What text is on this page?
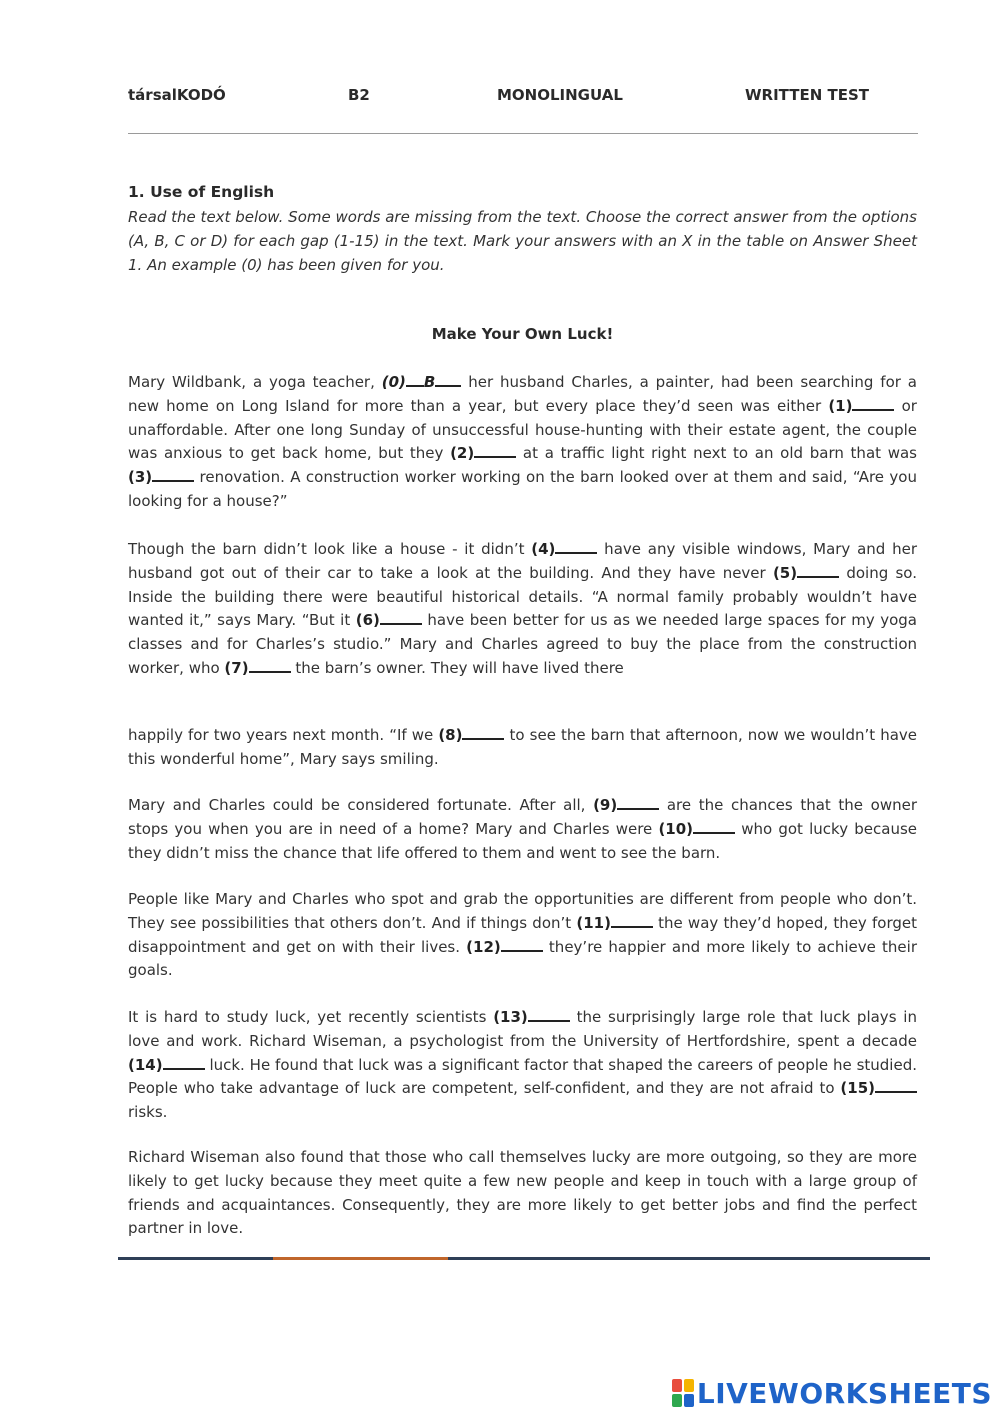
társalKODÓ	B2	MONOLINGUAL	WRITTEN TEST
1. Use of English
Read the text below. Some words are missing from the text. Choose the correct answer from the options (A, B, C or D) for each gap (1-15) in the text. Mark your answers with an X in the table on Answer Sheet 1. An example (0) has been given for you.
Make Your Own Luck!

Mary Wildbank, a yoga teacher, (0) B her husband Charles, a painter, had been searching for a new home on Long Island for more than a year, but every place they’d seen was either (1)	or unaffordable. After one long Sunday of unsuccessful house-hunting with their estate agent, the couple was anxious to get back home, but they (2)	at a traffic light right next to an old barn that was (3)	renovation. A construction worker working on the barn looked over at them and said, “Are you looking for a house?”

Though the barn didn’t look like a house - it didn’t (4)	have any visible windows, Mary and her husband got out of their car to take a look at the building. And they have never (5)	doing so. Inside the building there were beautiful historical details. “A normal family probably wouldn’t have wanted it,” says Mary. “But it (6)	have been better for us as we needed large spaces for my yoga classes and for Charles’s studio.” Mary and Charles agreed to buy the place from the construction worker, who (7)	the barn’s owner. They will have lived there

happily for two years next month. “If we (8)	to see the barn that afternoon, now we wouldn’t have this wonderful home”, Mary says smiling.

Mary and Charles could be considered fortunate. After all, (9)	are the chances that the owner stops you when you are in need of a home? Mary and Charles were (10)	who got lucky because they didn’t miss the chance that life offered to them and went to see the barn.

People like Mary and Charles who spot and grab the opportunities are different from people who don’t. They see possibilities that others don’t. And if things don’t (11)	the way they’d hoped, they forget disappointment and get on with their lives. (12)	they’re happier and more likely to achieve their goals.

It is hard to study luck, yet recently scientists (13)	the surprisingly large role that luck plays in love and work. Richard Wiseman, a psychologist from the University of Hertfordshire, spent a decade (14)	luck. He found that luck was a significant factor that shaped the careers of people he studied. People who take advantage of luck are competent, self-confident, and they are not afraid to (15) risks.

Richard Wiseman also found that those who call themselves lucky are more outgoing, so they are more likely to get lucky because they meet quite a few new people and keep in touch with a large group of friends and acquaintances. Consequently, they are more likely to get better jobs and find the perfect partner in love.

LIVEWORKSHEETS
